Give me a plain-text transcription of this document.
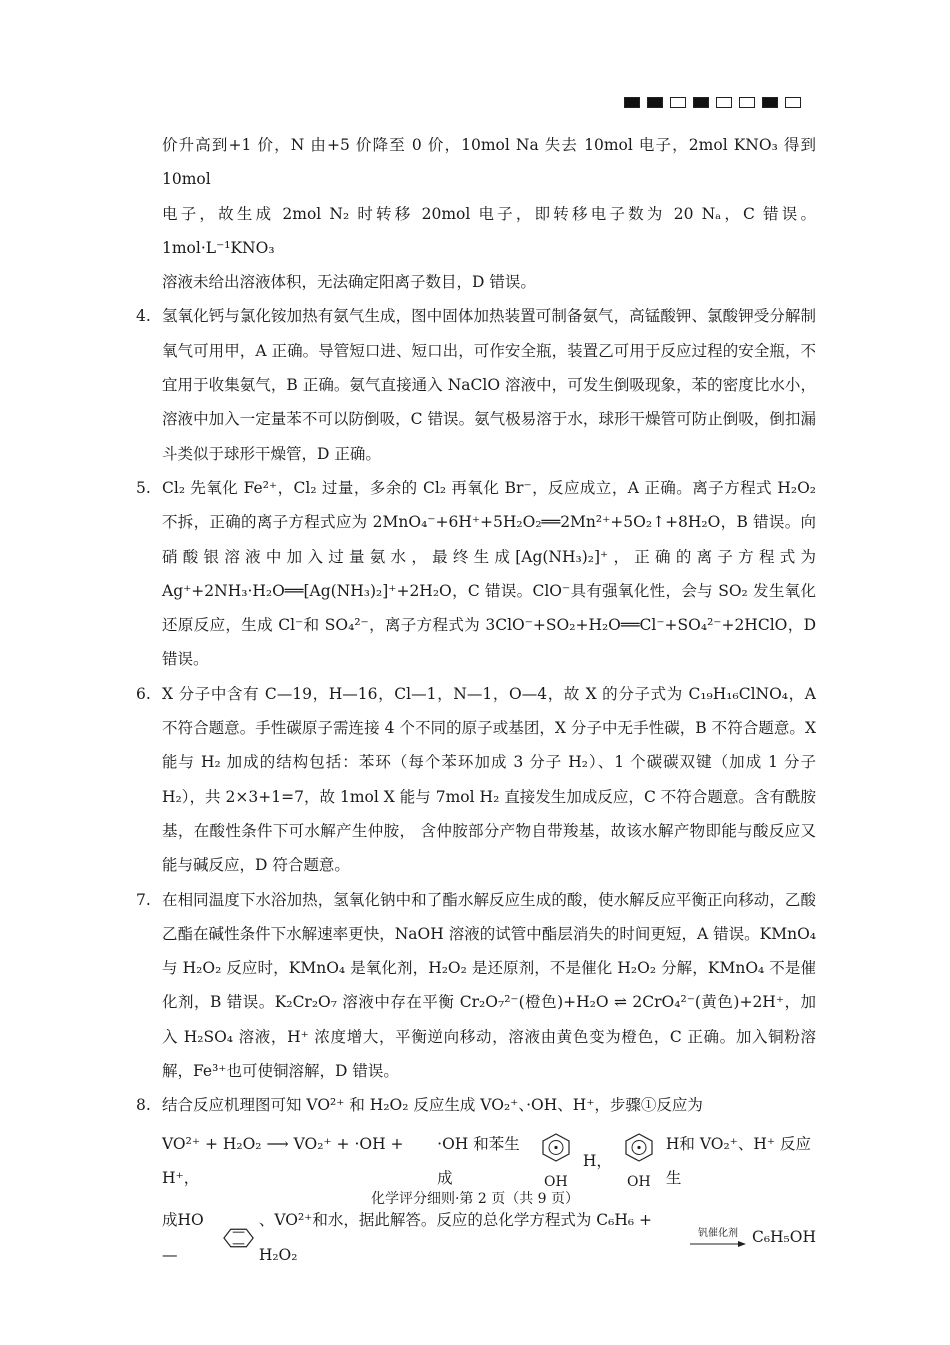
价升高到+1 价，N 由+5 价降至 0 价，10mol Na 失去 10mol 电子，2mol KNO₃ 得到 10mol

电子，故生成 2mol N₂ 时转移 20mol 电子，即转移电子数为 20 Nₐ，C 错误。1mol·L⁻¹KNO₃

溶液未给出溶液体积，无法确定阳离子数目，D 错误。

4. 氢氧化钙与氯化铵加热有氨气生成，图中固体加热装置可制备氨气，高锰酸钾、氯酸钾受分解制氧气可用甲，A 正确。导管短口进、短口出，可作安全瓶，装置乙可用于反应过程的安全瓶，不宜用于收集氨气，B 正确。氨气直接通入 NaClO 溶液中，可发生倒吸现象，苯的密度比水小，溶液中加入一定量苯不可以防倒吸，C 错误。氨气极易溶于水，球形干燥管可防止倒吸，倒扣漏斗类似于球形干燥管，D 正确。
5. Cl₂ 先氧化 Fe²⁺，Cl₂ 过量，多余的 Cl₂ 再氧化 Br⁻，反应成立，A 正确。离子方程式 H₂O₂ 不拆，正确的离子方程式应为 2MnO₄⁻+6H⁺+5H₂O₂══2Mn²⁺+5O₂↑+8H₂O，B 错误。向硝酸银溶液中加入过量氨水，最终生成[Ag(NH₃)₂]⁺，正确的离子方程式为 Ag⁺+2NH₃·H₂O══[Ag(NH₃)₂]⁺+2H₂O，C 错误。ClO⁻具有强氧化性，会与 SO₂ 发生氧化还原反应，生成 Cl⁻和 SO₄²⁻，离子方程式为 3ClO⁻+SO₂+H₂O══Cl⁻+SO₄²⁻+2HClO，D 错误。
6. X 分子中含有 C—19，H—16，Cl—1，N—1，O—4，故 X 的分子式为 C₁₉H₁₆ClNO₄，A 不符合题意。手性碳原子需连接 4 个不同的原子或基团，X 分子中无手性碳，B 不符合题意。X 能与 H₂ 加成的结构包括：苯环（每个苯环加成 3 分子 H₂）、1 个碳碳双键（加成 1 分子 H₂），共 2×3+1=7，故 1mol X 能与 7mol H₂ 直接发生加成反应，C 不符合题意。含有酰胺基，在酸性条件下可水解产生仲胺， 含仲胺部分产物自带羧基，故该水解产物即能与酸反应又能与碱反应，D 符合题意。
7. 在相同温度下水浴加热，氢氧化钠中和了酯水解反应生成的酸，使水解反应平衡正向移动，乙酸乙酯在碱性条件下水解速率更快，NaOH 溶液的试管中酯层消失的时间更短，A 错误。KMnO₄ 与 H₂O₂ 反应时，KMnO₄ 是氧化剂，H₂O₂ 是还原剂，不是催化 H₂O₂ 分解，KMnO₄ 不是催化剂，B 错误。K₂Cr₂O₇ 溶液中存在平衡 Cr₂O₇²⁻(橙色)+H₂O ⇌ 2CrO₄²⁻(黄色)+2H⁺，加入 H₂SO₄ 溶液，H⁺ 浓度增大，平衡逆向移动，溶液由黄色变为橙色，C 正确。加入铜粉溶解，Fe³⁺也可使铜溶解，D 错误。
8. 结合反应机理图可知 VO²⁺ 和 H₂O₂ 反应生成 VO₂⁺、·OH、H⁺，步骤①反应为
VO²⁺ + H₂O₂ ⟶ VO₂⁺ + ·OH + H⁺，
·OH 和苯生成	OH
H，
OH
H和 VO₂⁺、H⁺ 反应生
成HO—
、VO²⁺和水，据此解答。反应的总化学方程式为 C₆H₆ + H₂O₂
钒催化剂 C₆H₅OH
化学评分细则·第 2 页（共 9 页）
